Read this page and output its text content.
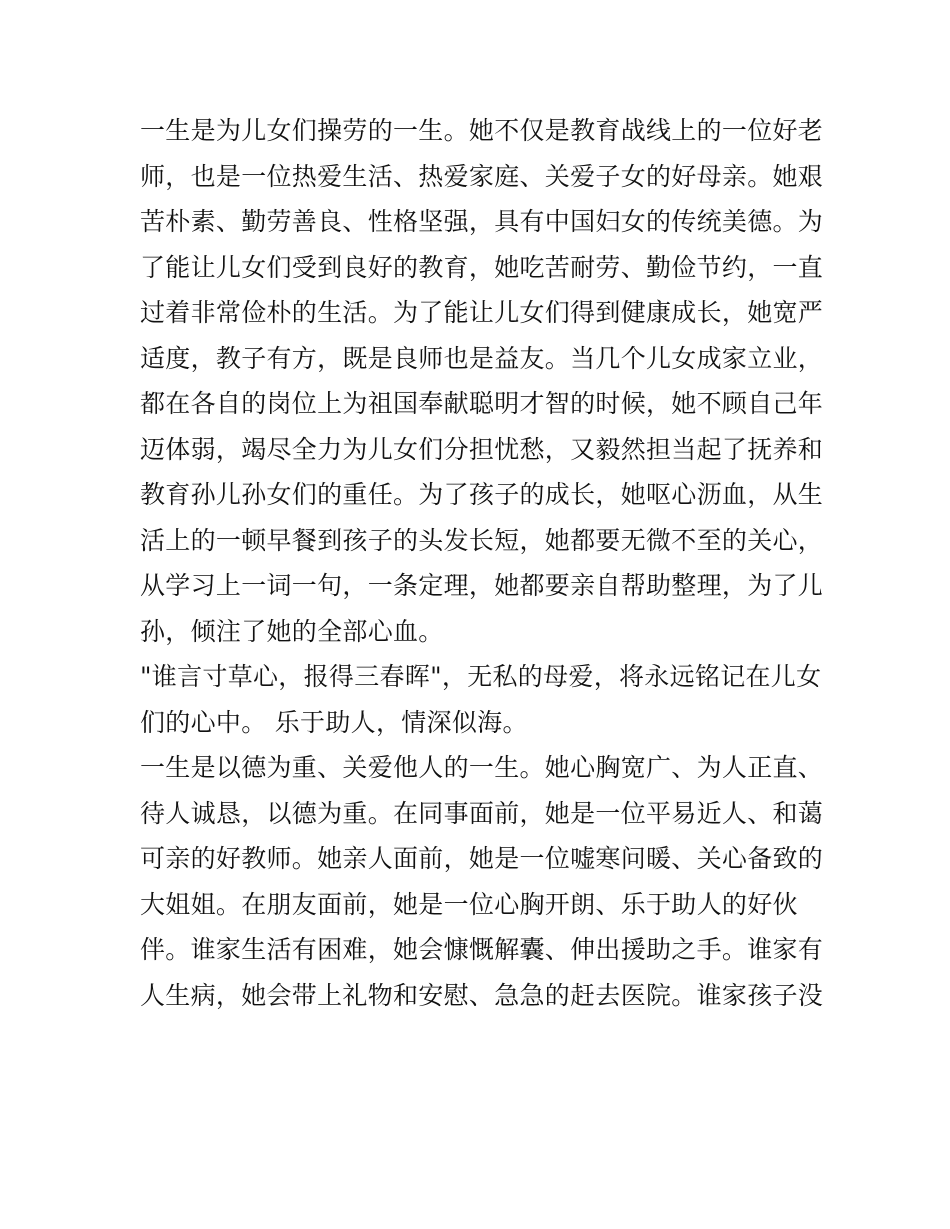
一生是为儿女们操劳的一生。她不仅是教育战线上的一位好老
师，也是一位热爱生活、热爱家庭、关爱子女的好母亲。她艰
苦朴素、勤劳善良、性格坚强，具有中国妇女的传统美德。为
了能让儿女们受到良好的教育，她吃苦耐劳、勤俭节约，一直
过着非常俭朴的生活。为了能让儿女们得到健康成长，她宽严
适度，教子有方，既是良师也是益友。当几个儿女成家立业，
都在各自的岗位上为祖国奉献聪明才智的时候，她不顾自己年
迈体弱，竭尽全力为儿女们分担忧愁，又毅然担当起了抚养和
教育孙儿孙女们的重任。为了孩子的成长，她呕心沥血，从生
活上的一顿早餐到孩子的头发长短，她都要无微不至的关心，
从学习上一词一句，一条定理，她都要亲自帮助整理，为了儿
孙，倾注了她的全部心血。
"谁言寸草心，报得三春晖"，无私的母爱，将永远铭记在儿女
们的心中。 乐于助人，情深似海。
一生是以德为重、关爱他人的一生。她心胸宽广、为人正直、
待人诚恳，以德为重。在同事面前，她是一位平易近人、和蔼
可亲的好教师。她亲人面前，她是一位嘘寒问暖、关心备致的
大姐姐。在朋友面前，她是一位心胸开朗、乐于助人的好伙
伴。谁家生活有困难，她会慷慨解囊、伸出援助之手。谁家有
人生病，她会带上礼物和安慰、急急的赶去医院。谁家孩子没
